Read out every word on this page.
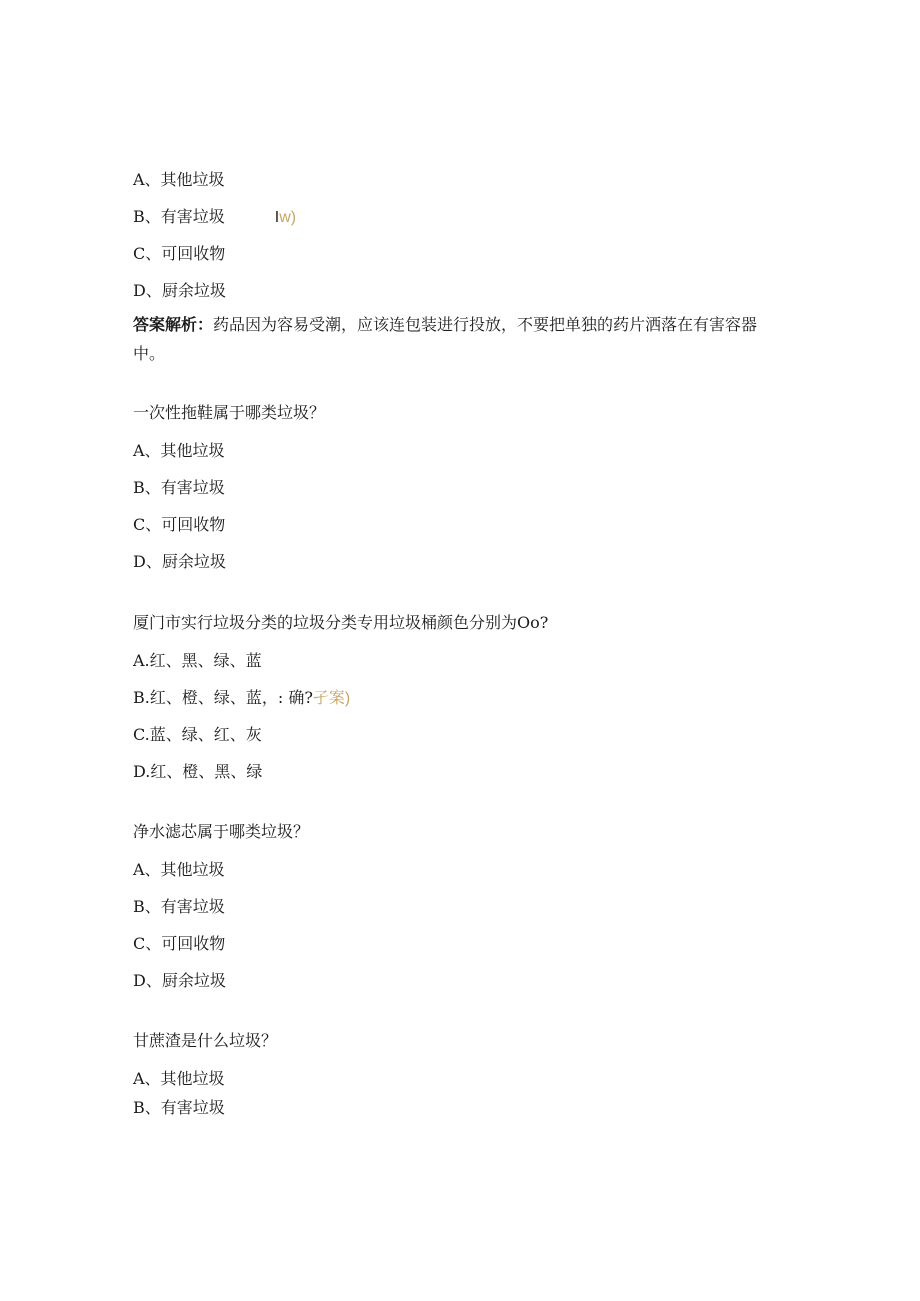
A、其他垃圾
B、有害垃圾	Iw)
C、可回收物
D、厨余垃圾
答案解析：药品因为容易受潮，应该连包装进行投放，不要把单独的药片洒落在有害容器中。
一次性拖鞋属于哪类垃圾？
A、其他垃圾
B、有害垃圾
C、可回收物
D、厨余垃圾
厦门市实行垃圾分类的垃圾分类专用垃圾桶颜色分别为Oo?
A.红、黑、绿、蓝
B.红、橙、绿、蓝，: 确?孑案)
C.蓝、绿、红、灰
D.红、橙、黑、绿
净水滤芯属于哪类垃圾？
A、其他垃圾
B、有害垃圾
C、可回收物
D、厨余垃圾
甘蔗渣是什么垃圾？
A、其他垃圾
B、有害垃圾
